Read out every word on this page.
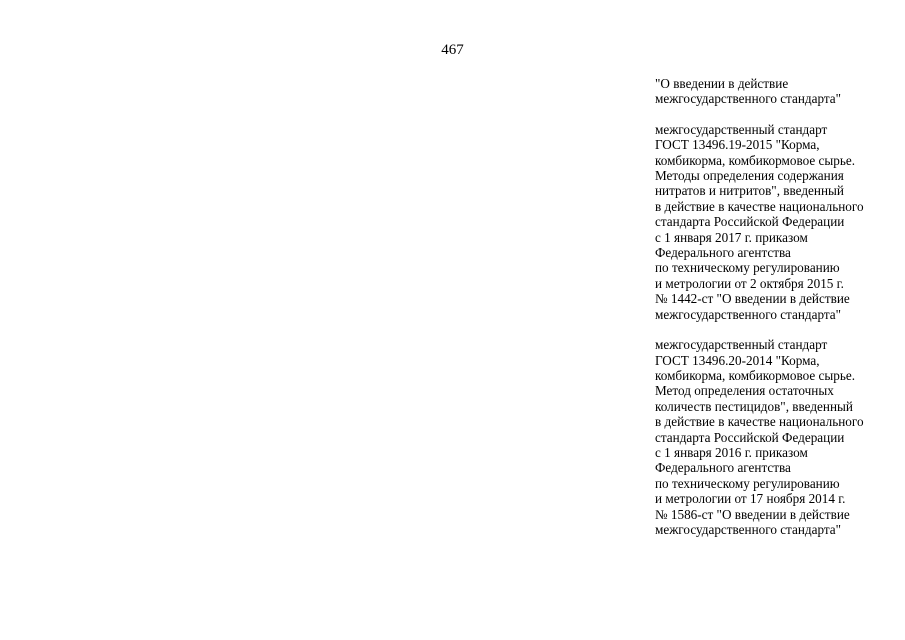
467
"О введении в действие
межгосударственного стандарта"
межгосударственный стандарт
ГОСТ 13496.19-2015 "Корма,
комбикорма, комбикормовое сырье.
Методы определения содержания
нитратов и нитритов", введенный
в действие в качестве национального
стандарта Российской Федерации
с 1 января 2017 г. приказом
Федерального агентства
по техническому регулированию
и метрологии от 2 октября 2015 г.
№ 1442-ст "О введении в действие
межгосударственного стандарта"
межгосударственный стандарт
ГОСТ 13496.20-2014 "Корма,
комбикорма, комбикормовое сырье.
Метод определения остаточных
количеств пестицидов", введенный
в действие в качестве национального
стандарта Российской Федерации
с 1 января 2016 г. приказом
Федерального агентства
по техническому регулированию
и метрологии от 17 ноября 2014 г.
№ 1586-ст "О введении в действие
межгосударственного стандарта"
